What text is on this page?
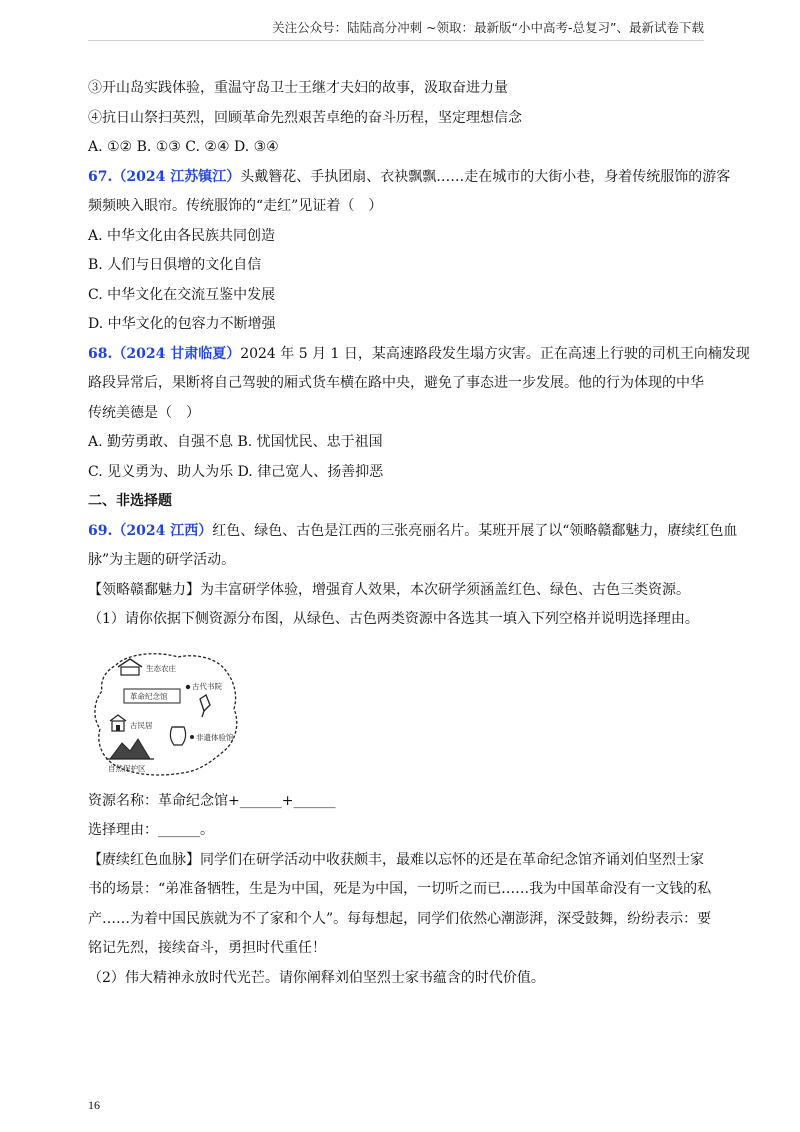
关注公众号：陆陆高分冲刺 ~领取：最新版“小中高考-总复习”、最新试卷下载
③开山岛实践体验，重温守岛卫士王继才夫妇的故事，汲取奋进力量
④抗日山祭扫英烈，回顾革命先烈艰苦卓绝的奋斗历程，坚定理想信念
A. ①② B. ①③ C. ②④ D. ③④
67.（2024 江苏镇江）头戴簪花、手执团扇、衣袂飘飘……走在城市的大街小巷，身着传统服饰的游客
频频映入眼帘。传统服饰的“走红”见证着（　）
A. 中华文化由各民族共同创造
B. 人们与日俱增的文化自信
C. 中华文化在交流互鉴中发展
D. 中华文化的包容力不断增强
68.（2024 甘肃临夏）2024 年 5 月 1 日，某高速路段发生塌方灾害。正在高速上行驶的司机王向楠发现
路段异常后，果断将自己驾驶的厢式货车横在路中央，避免了事态进一步发展。他的行为体现的中华
传统美德是（　）
A. 勤劳勇敢、自强不息 B. 忧国忧民、忠于祖国
C. 见义勇为、助人为乐 D. 律己宽人、扬善抑恶
二、非选择题
69.（2024 江西）红色、绿色、古色是江西的三张亮丽名片。某班开展了以“领略赣鄱魅力，赓续红色血
脉”为主题的研学活动。
【领略赣鄱魅力】为丰富研学体验，增强育人效果，本次研学须涵盖红色、绿色、古色三类资源。
（1）请你依据下侧资源分布图，从绿色、古色两类资源中各选其一填入下列空格并说明选择理由。
生态农庄
革命纪念馆
古代书院
古民居
非遗体验馆
自然保护区
资源名称：革命纪念馆+______+______
选择理由：______。
【赓续红色血脉】同学们在研学活动中收获颇丰，最难以忘怀的还是在革命纪念馆齐诵刘伯坚烈士家
书的场景：“弟准备牺牲，生是为中国，死是为中国，一切听之而已……我为中国革命没有一文钱的私
产……为着中国民族就为不了家和个人”。每每想起，同学们依然心潮澎湃，深受鼓舞，纷纷表示：要
铭记先烈，接续奋斗，勇担时代重任！
（2）伟大精神永放时代光芒。请你阐释刘伯坚烈士家书蕴含的时代价值。
16
